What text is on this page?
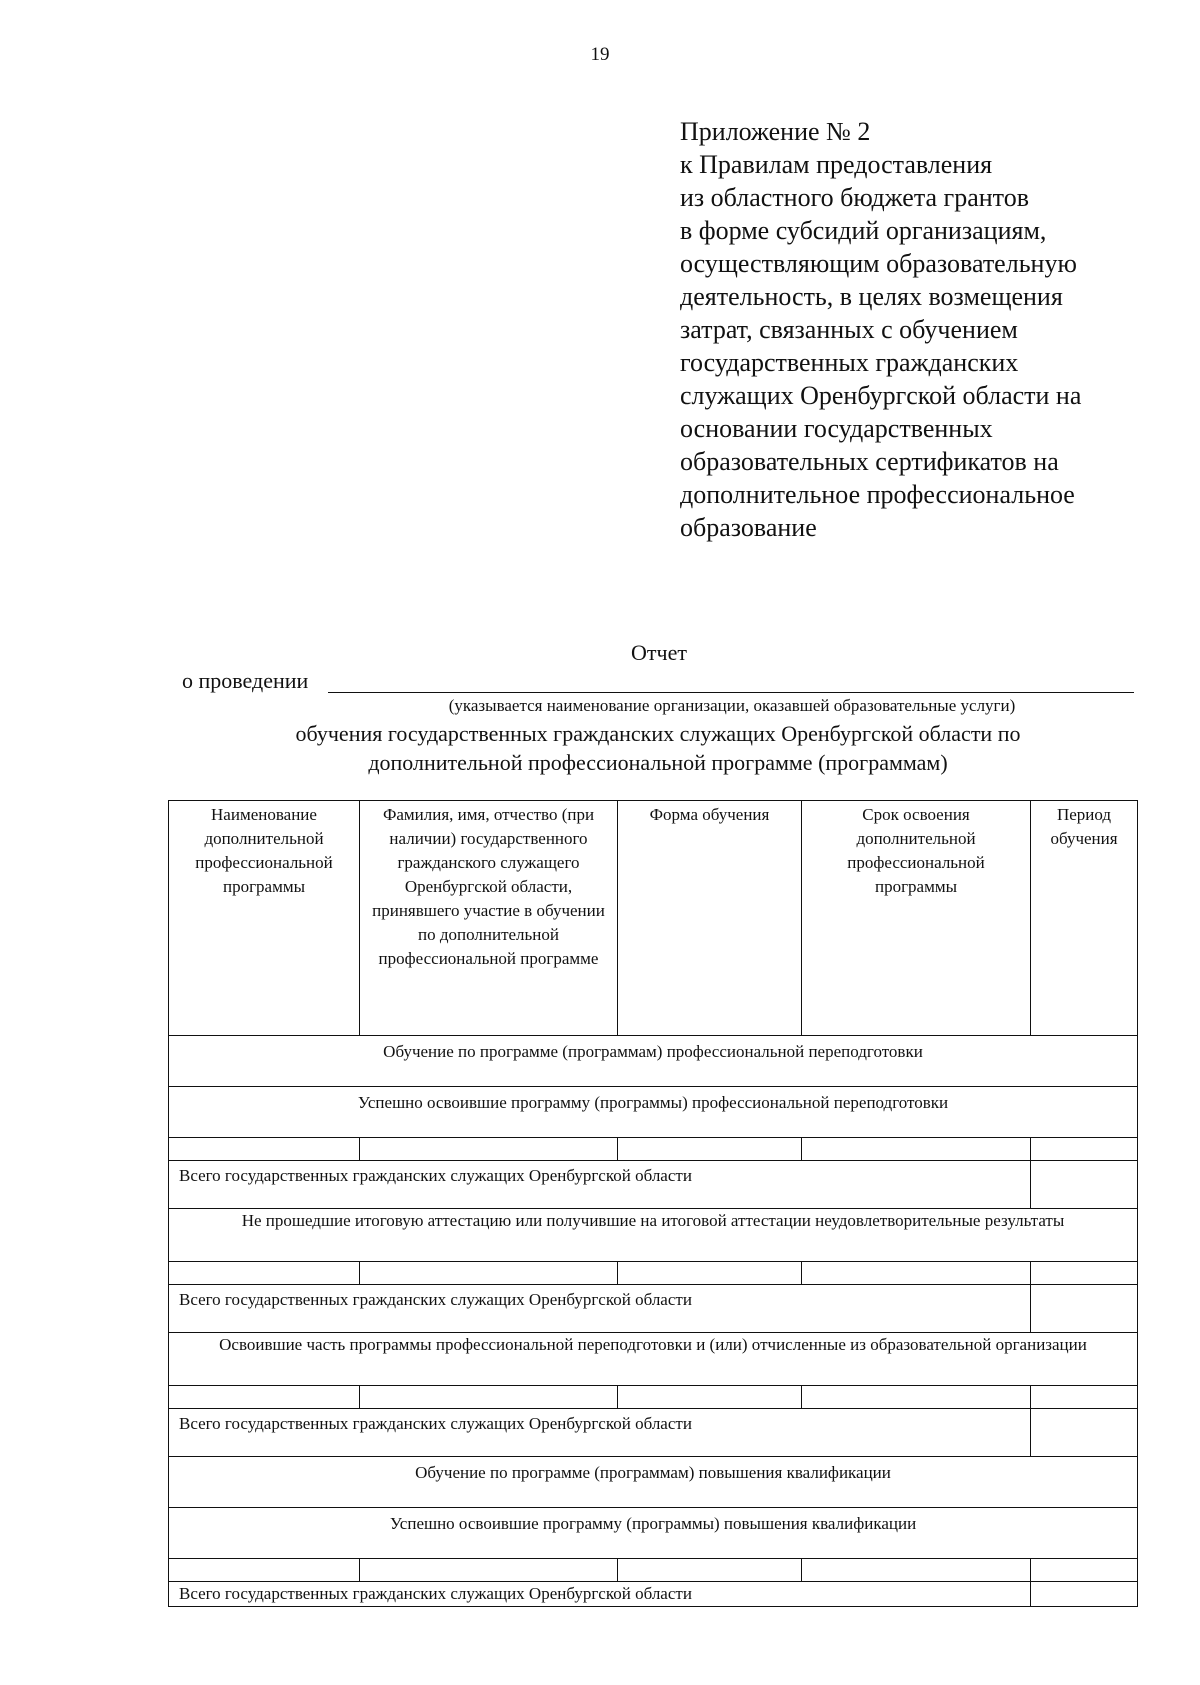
19
Приложение № 2
к Правилам предоставления
из областного бюджета грантов
в форме субсидий организациям,
осуществляющим образовательную
деятельность, в целях возмещения
затрат, связанных с обучением
государственных гражданских
служащих Оренбургской области на
основании государственных
образовательных сертификатов на
дополнительное профессиональное
образование
Отчет
о проведении
(указывается наименование организации, оказавшей образовательные услуги)
обучения государственных гражданских служащих Оренбургской области по
дополнительной профессиональной программе (программам)
Наименование дополнительной профессиональной программы	Фамилия, имя, отчество (при наличии) государственного гражданского служащего Оренбургской области, принявшего участие в обучении по дополнительной профессиональной программе	Форма обучения	Срок освоения дополнительной профессиональной программы	Период обучения
Обучение по программе (программам) профессиональной переподготовки				
Успешно освоившие программу (программы) профессиональной переподготовки				

Всего государственных гражданских служащих Оренбургской области				
Не прошедшие итоговую аттестацию или получившие на итоговой аттестации неудовлетворительные результаты				

Всего государственных гражданских служащих Оренбургской области				
Освоившие часть программы профессиональной переподготовки и (или) отчисленные из образовательной организации				

Всего государственных гражданских служащих Оренбургской области				
Обучение по программе (программам) повышения квалификации				
Успешно освоившие программу (программы) повышения квалификации				

Всего государственных гражданских служащих Оренбургской области				
